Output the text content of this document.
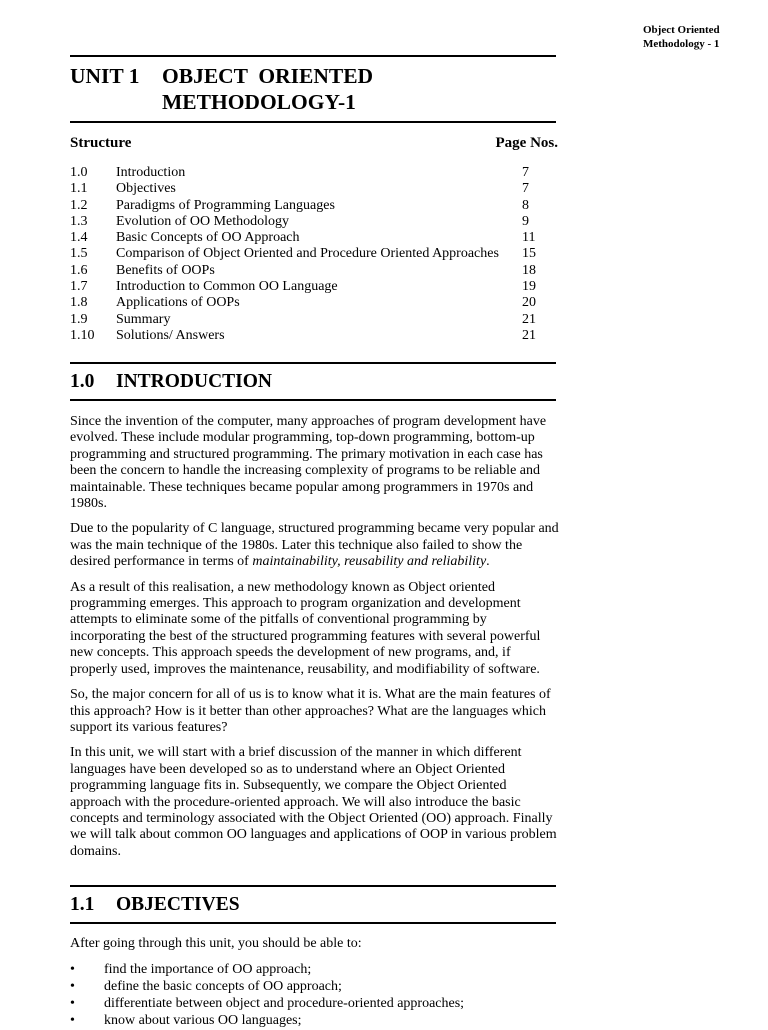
Object Oriented
Methodology - 1
UNIT 1 OBJECT  ORIENTED
METHODOLOGY-1
Structure	Page Nos.
1.0	Introduction	7
1.1	Objectives	7
1.2	Paradigms of Programming Languages	8
1.3	Evolution of OO Methodology	9
1.4	Basic Concepts of OO Approach	11
1.5	Comparison of Object Oriented and Procedure Oriented Approaches	15
1.6	Benefits of OOPs	18
1.7	Introduction to Common OO Language	19
1.8	Applications of OOPs	20
1.9	Summary	21
1.10	Solutions/ Answers	21
1.0 INTRODUCTION

Since the invention of the computer, many approaches of program development have evolved. These include modular programming, top-down programming, bottom-up programming and structured programming. The primary motivation in each case has been the concern to handle the increasing complexity of programs to be reliable and maintainable. These techniques became popular among programmers in 1970s and 1980s.

Due to the popularity of C language, structured programming became very popular and was the main technique of the 1980s. Later this technique also failed to show the desired performance in terms of maintainability, reusability and reliability.

As a result of this realisation, a new methodology known as Object oriented programming emerges. This approach to program organization and development attempts to eliminate some of the pitfalls of conventional programming by incorporating the best of the structured programming features with several powerful new concepts. This approach speeds the development of new programs, and, if properly used, improves the maintenance, reusability, and modifiability of software.

So, the major concern for all of us is to know what it is. What are the main features of this approach? How is it better than other approaches? What are the languages which support its various features?

In this unit, we will start with a brief discussion of the manner in which different languages have been developed so as to understand where an Object Oriented programming language fits in. Subsequently, we compare the Object Oriented approach with the procedure-oriented approach. We will also introduce the basic concepts and terminology associated with the Object Oriented (OO) approach. Finally we will talk about common OO languages and applications of OOP in various problem domains.

1.1 OBJECTIVES
After going through this unit, you should be able to:
•	find the importance of OO approach;
•	define the basic concepts of OO approach;
•	differentiate between object and procedure-oriented approaches;
•	know about various OO languages;
